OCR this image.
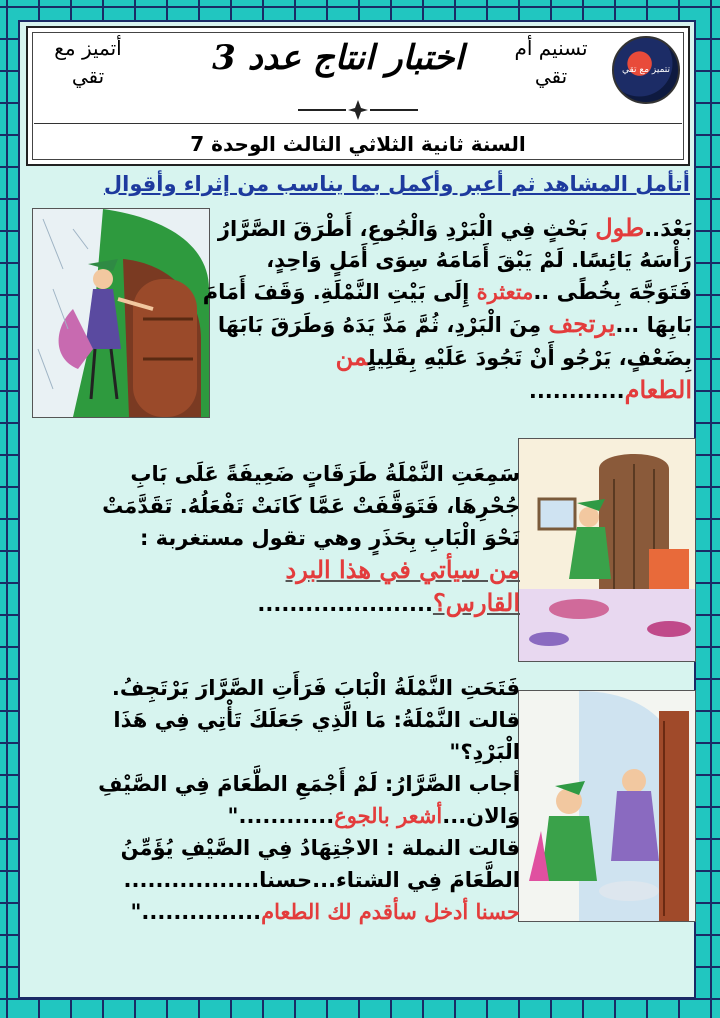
تتميز مع تقي
تسنيم أم تقي
أتميز مع تقي	اختبار انتاج عدد 3
السنة ثانية الثلاثي الثالث الوحدة 7
أتأمل المشاهد ثم أعبر وأكمل بما يناسب من إثراء وأقوال
بَعْدَ..طول بَحْثٍ فِي الْبَرْدِ وَالْجُوعِ، أَطْرَقَ الصَّرَّارُ رَأْسَهُ يَائِسًا. لَمْ يَبْقَ أَمَامَهُ سِوَى أَمَلٍ وَاحِدٍ، فَتَوَجَّهَ بِخُطًى ..متعثرة إِلَى بَيْتِ النَّمْلَةِ. وَقَفَ أَمَامَ بَابِهَا ...يرتجف مِنَ الْبَرْدِ، ثُمَّ مَدَّ يَدَهُ وَطَرَقَ بَابَهَا بِضَعْفٍ، يَرْجُو أَنْ تَجُودَ عَلَيْهِ بِقَلِيلٍمن الطعام............
سَمِعَتِ النَّمْلَةُ طَرَقَاتٍ ضَعِيفَةً عَلَى بَابِ جُحْرِهَا، فَتَوَقَّفَتْ عَمَّا كَانَتْ تَفْعَلُهُ. تَقَدَّمَتْ نَحْوَ الْبَابِ بِحَذَرٍ وهي تقول مستغربة :
من سيأتي في هذا البرد القارس؟......................
فَتَحَتِ النَّمْلَةُ الْبَابَ فَرَأَتِ الصَّرَّارَ يَرْتَجِفُ.
قالت النَّمْلَةُ: مَا الَّذِي جَعَلَكَ تَأْتِي فِي هَذَا الْبَرْدِ؟"
أجاب الصَّرَّارُ: لَمْ أَجْمَعِ الطَّعَامَ فِي الصَّيْفِ وَالان...أشعر بالجوع............"
قالت النملة : الاجْتِهَادُ فِي الصَّيْفِ يُؤَمِّنُ الطَّعَامَ فِي الشتاء...حسنا.................
حسنا أدخل سأقدم لك الطعام..............."
